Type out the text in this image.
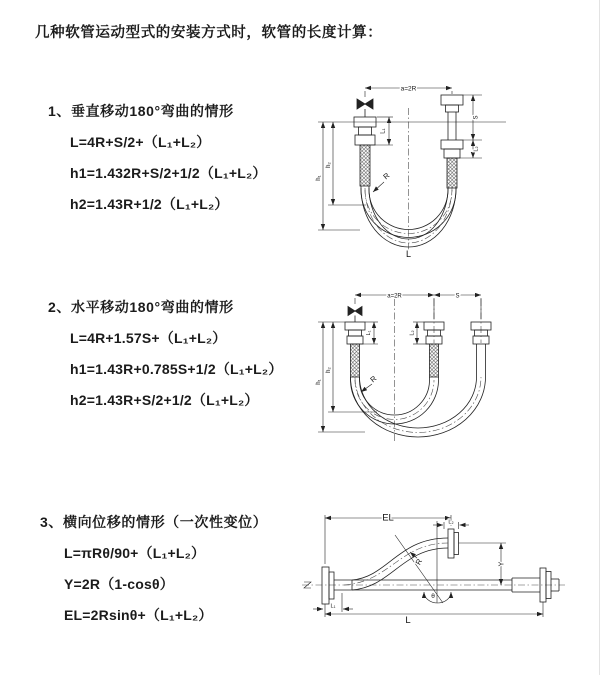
几种软管运动型式的安装方式时，软管的长度计算：
1、垂直移动180°弯曲的情形
L=4R+S/2+（L₁+L₂）
h1=1.432R+S/2+1/2（L₁+L₂）
h2=1.43R+1/2（L₁+L₂）
2、水平移动180°弯曲的情形
L=4R+1.57S+（L₁+L₂）
h1=1.43R+0.785S+1/2（L₁+L₂）
h2=1.43R+S/2+1/2（L₁+L₂）
3、横向位移的情形（一次性变位）
L=πRθ/90+（L₁+L₂）
Y=2R（1-cosθ）
EL=2Rsinθ+（L₁+L₂）
a=2R
L₁
S
L₂
h₁
h₂
R
L
a=2R	S
L₁	L₂
h₁
h₂
R
EL	L₂
Y
θ
R
L
L₁
